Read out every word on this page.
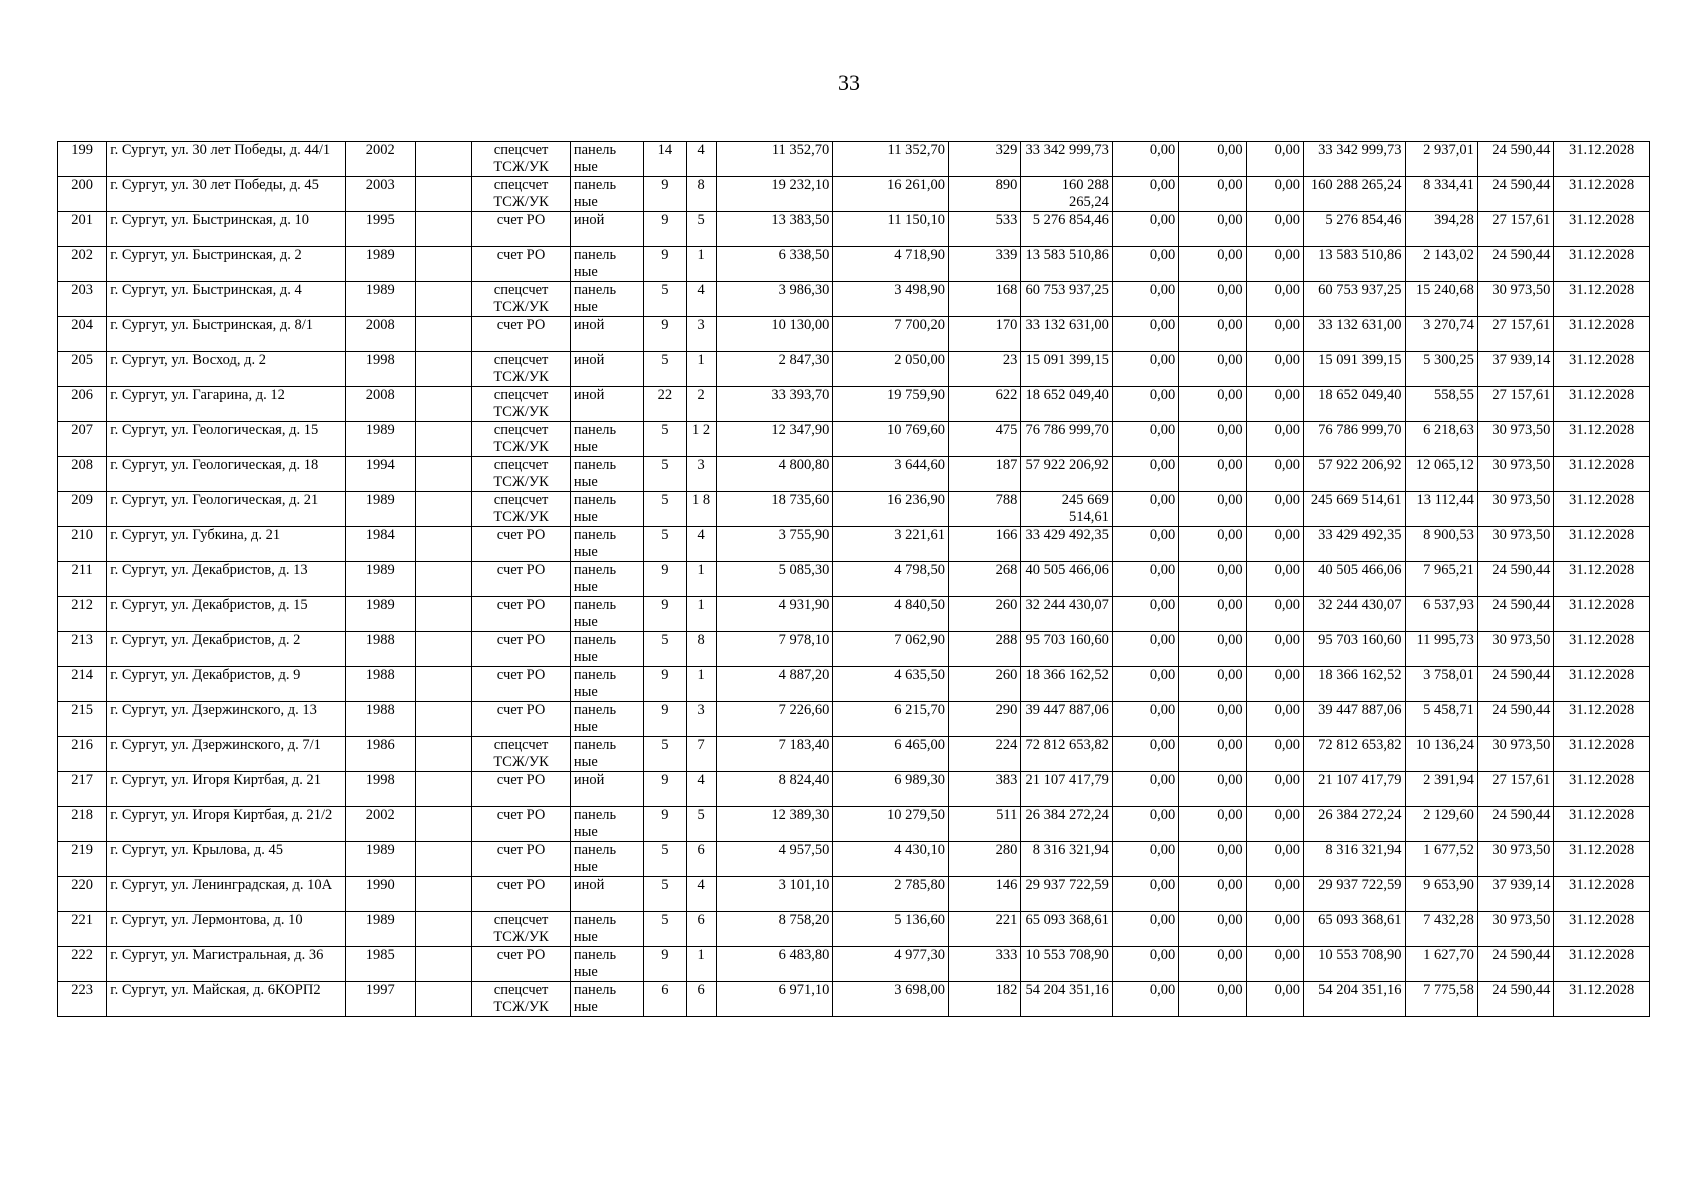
33
199	г. Сургут, ул. 30 лет Победы, д. 44/1	2002		спецсчет ТСЖ/УК	панель ные	14	4	11 352,70	11 352,70	329	33 342 999,73	0,00	0,00	0,00	33 342 999,73	2 937,01	24 590,44	31.12.2028
200	г. Сургут, ул. 30 лет Победы, д. 45	2003		спецсчет ТСЖ/УК	панель ные	9	8	19 232,10	16 261,00	890	160 288 265,24	0,00	0,00	0,00	160 288 265,24	8 334,41	24 590,44	31.12.2028
201	г. Сургут, ул. Быстринская, д. 10	1995		счет РО	иной	9	5	13 383,50	11 150,10	533	5 276 854,46	0,00	0,00	0,00	5 276 854,46	394,28	27 157,61	31.12.2028
202	г. Сургут, ул. Быстринская, д. 2	1989		счет РО	панель ные	9	1	6 338,50	4 718,90	339	13 583 510,86	0,00	0,00	0,00	13 583 510,86	2 143,02	24 590,44	31.12.2028
203	г. Сургут, ул. Быстринская, д. 4	1989		спецсчет ТСЖ/УК	панель ные	5	4	3 986,30	3 498,90	168	60 753 937,25	0,00	0,00	0,00	60 753 937,25	15 240,68	30 973,50	31.12.2028
204	г. Сургут, ул. Быстринская, д. 8/1	2008		счет РО	иной	9	3	10 130,00	7 700,20	170	33 132 631,00	0,00	0,00	0,00	33 132 631,00	3 270,74	27 157,61	31.12.2028
205	г. Сургут, ул. Восход, д. 2	1998		спецсчет ТСЖ/УК	иной	5	1	2 847,30	2 050,00	23	15 091 399,15	0,00	0,00	0,00	15 091 399,15	5 300,25	37 939,14	31.12.2028
206	г. Сургут, ул. Гагарина, д. 12	2008		спецсчет ТСЖ/УК	иной	22	2	33 393,70	19 759,90	622	18 652 049,40	0,00	0,00	0,00	18 652 049,40	558,55	27 157,61	31.12.2028
207	г. Сургут, ул. Геологическая, д. 15	1989		спецсчет ТСЖ/УК	панель ные	5	1 2	12 347,90	10 769,60	475	76 786 999,70	0,00	0,00	0,00	76 786 999,70	6 218,63	30 973,50	31.12.2028
208	г. Сургут, ул. Геологическая, д. 18	1994		спецсчет ТСЖ/УК	панель ные	5	3	4 800,80	3 644,60	187	57 922 206,92	0,00	0,00	0,00	57 922 206,92	12 065,12	30 973,50	31.12.2028
209	г. Сургут, ул. Геологическая, д. 21	1989		спецсчет ТСЖ/УК	панель ные	5	1 8	18 735,60	16 236,90	788	245 669 514,61	0,00	0,00	0,00	245 669 514,61	13 112,44	30 973,50	31.12.2028
210	г. Сургут, ул. Губкина, д. 21	1984		счет РО	панель ные	5	4	3 755,90	3 221,61	166	33 429 492,35	0,00	0,00	0,00	33 429 492,35	8 900,53	30 973,50	31.12.2028
211	г. Сургут, ул. Декабристов, д. 13	1989		счет РО	панель ные	9	1	5 085,30	4 798,50	268	40 505 466,06	0,00	0,00	0,00	40 505 466,06	7 965,21	24 590,44	31.12.2028
212	г. Сургут, ул. Декабристов, д. 15	1989		счет РО	панель ные	9	1	4 931,90	4 840,50	260	32 244 430,07	0,00	0,00	0,00	32 244 430,07	6 537,93	24 590,44	31.12.2028
213	г. Сургут, ул. Декабристов, д. 2	1988		счет РО	панель ные	5	8	7 978,10	7 062,90	288	95 703 160,60	0,00	0,00	0,00	95 703 160,60	11 995,73	30 973,50	31.12.2028
214	г. Сургут, ул. Декабристов, д. 9	1988		счет РО	панель ные	9	1	4 887,20	4 635,50	260	18 366 162,52	0,00	0,00	0,00	18 366 162,52	3 758,01	24 590,44	31.12.2028
215	г. Сургут, ул. Дзержинского, д. 13	1988		счет РО	панель ные	9	3	7 226,60	6 215,70	290	39 447 887,06	0,00	0,00	0,00	39 447 887,06	5 458,71	24 590,44	31.12.2028
216	г. Сургут, ул. Дзержинского, д. 7/1	1986		спецсчет ТСЖ/УК	панель ные	5	7	7 183,40	6 465,00	224	72 812 653,82	0,00	0,00	0,00	72 812 653,82	10 136,24	30 973,50	31.12.2028
217	г. Сургут, ул. Игоря Киртбая, д. 21	1998		счет РО	иной	9	4	8 824,40	6 989,30	383	21 107 417,79	0,00	0,00	0,00	21 107 417,79	2 391,94	27 157,61	31.12.2028
218	г. Сургут, ул. Игоря Киртбая, д. 21/2	2002		счет РО	панель ные	9	5	12 389,30	10 279,50	511	26 384 272,24	0,00	0,00	0,00	26 384 272,24	2 129,60	24 590,44	31.12.2028
219	г. Сургут, ул. Крылова, д. 45	1989		счет РО	панель ные	5	6	4 957,50	4 430,10	280	8 316 321,94	0,00	0,00	0,00	8 316 321,94	1 677,52	30 973,50	31.12.2028
220	г. Сургут, ул. Ленинградская, д. 10А	1990		счет РО	иной	5	4	3 101,10	2 785,80	146	29 937 722,59	0,00	0,00	0,00	29 937 722,59	9 653,90	37 939,14	31.12.2028
221	г. Сургут, ул. Лермонтова, д. 10	1989		спецсчет ТСЖ/УК	панель ные	5	6	8 758,20	5 136,60	221	65 093 368,61	0,00	0,00	0,00	65 093 368,61	7 432,28	30 973,50	31.12.2028
222	г. Сургут, ул. Магистральная, д. 36	1985		счет РО	панель ные	9	1	6 483,80	4 977,30	333	10 553 708,90	0,00	0,00	0,00	10 553 708,90	1 627,70	24 590,44	31.12.2028
223	г. Сургут, ул. Майская, д. 6КОРП2	1997		спецсчет ТСЖ/УК	панель ные	6	6	6 971,10	3 698,00	182	54 204 351,16	0,00	0,00	0,00	54 204 351,16	7 775,58	24 590,44	31.12.2028
